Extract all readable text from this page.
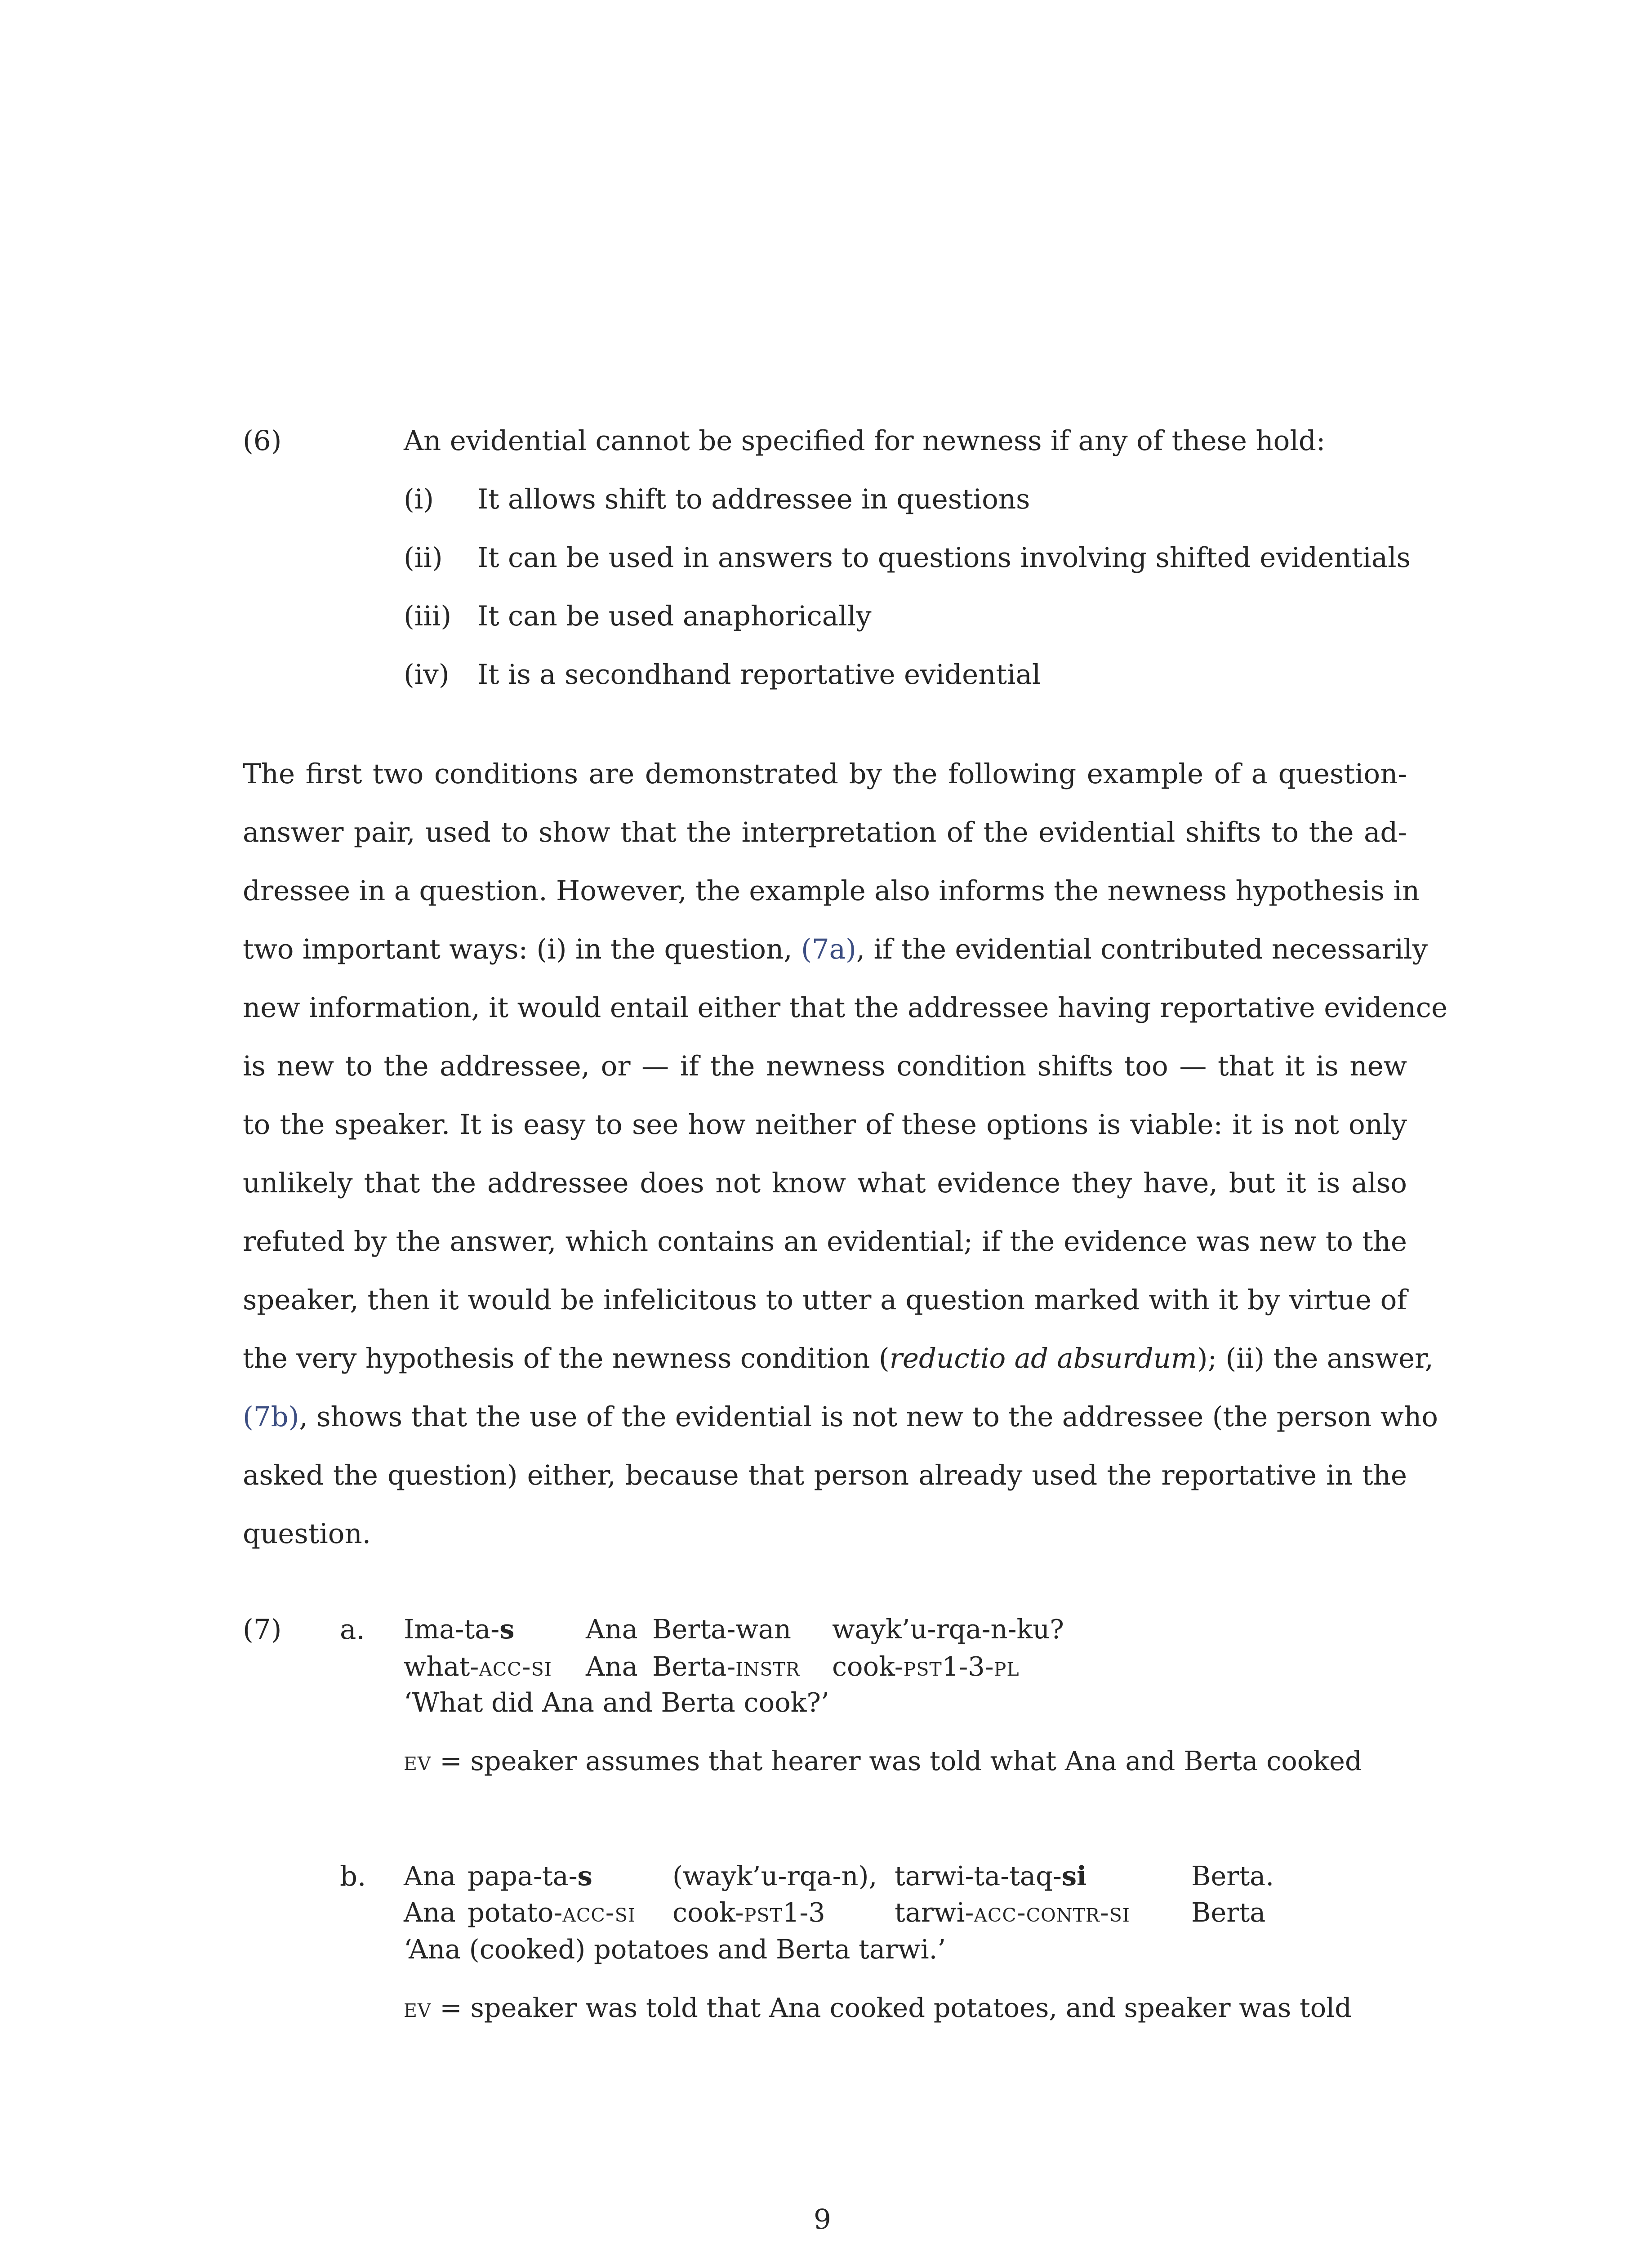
(6)	An evidential cannot be specified for newness if any of these hold:
(i) It allows shift to addressee in questions
(ii) It can be used in answers to questions involving shifted evidentials
(iii) It can be used anaphorically
(iv) It is a secondhand reportative evidential
The first two conditions are demonstrated by the following example of a question-
answer pair, used to show that the interpretation of the evidential shifts to the ad-
dressee in a question. However, the example also informs the newness hypothesis in
two important ways: (i) in the question, (7a), if the evidential contributed necessarily
new information, it would entail either that the addressee having reportative evidence
is new to the addressee, or — if the newness condition shifts too — that it is new
to the speaker. It is easy to see how neither of these options is viable: it is not only
unlikely that the addressee does not know what evidence they have, but it is also
refuted by the answer, which contains an evidential; if the evidence was new to the
speaker, then it would be infelicitous to utter a question marked with it by virtue of
the very hypothesis of the newness condition (reductio ad absurdum); (ii) the answer,
(7b), shows that the use of the evidential is not new to the addressee (the person who
asked the question) either, because that person already used the reportative in the
question.
(7) a. Ima-ta-s	Ana Berta-wan wayk’u-rqa-n-ku?
what-acc-si Ana Berta-instr cook-pst1-3-pl
‘What did Ana and Berta cook?’
ev = speaker assumes that hearer was told what Ana and Berta cooked
b. Ana papa-ta-s	(wayk’u-rqa-n), tarwi-ta-taq-si	Berta.
Ana potato-acc-si cook-pst1-3	tarwi-acc-contr-si Berta
‘Ana (cooked) potatoes and Berta tarwi.’
ev = speaker was told that Ana cooked potatoes, and speaker was told
9
